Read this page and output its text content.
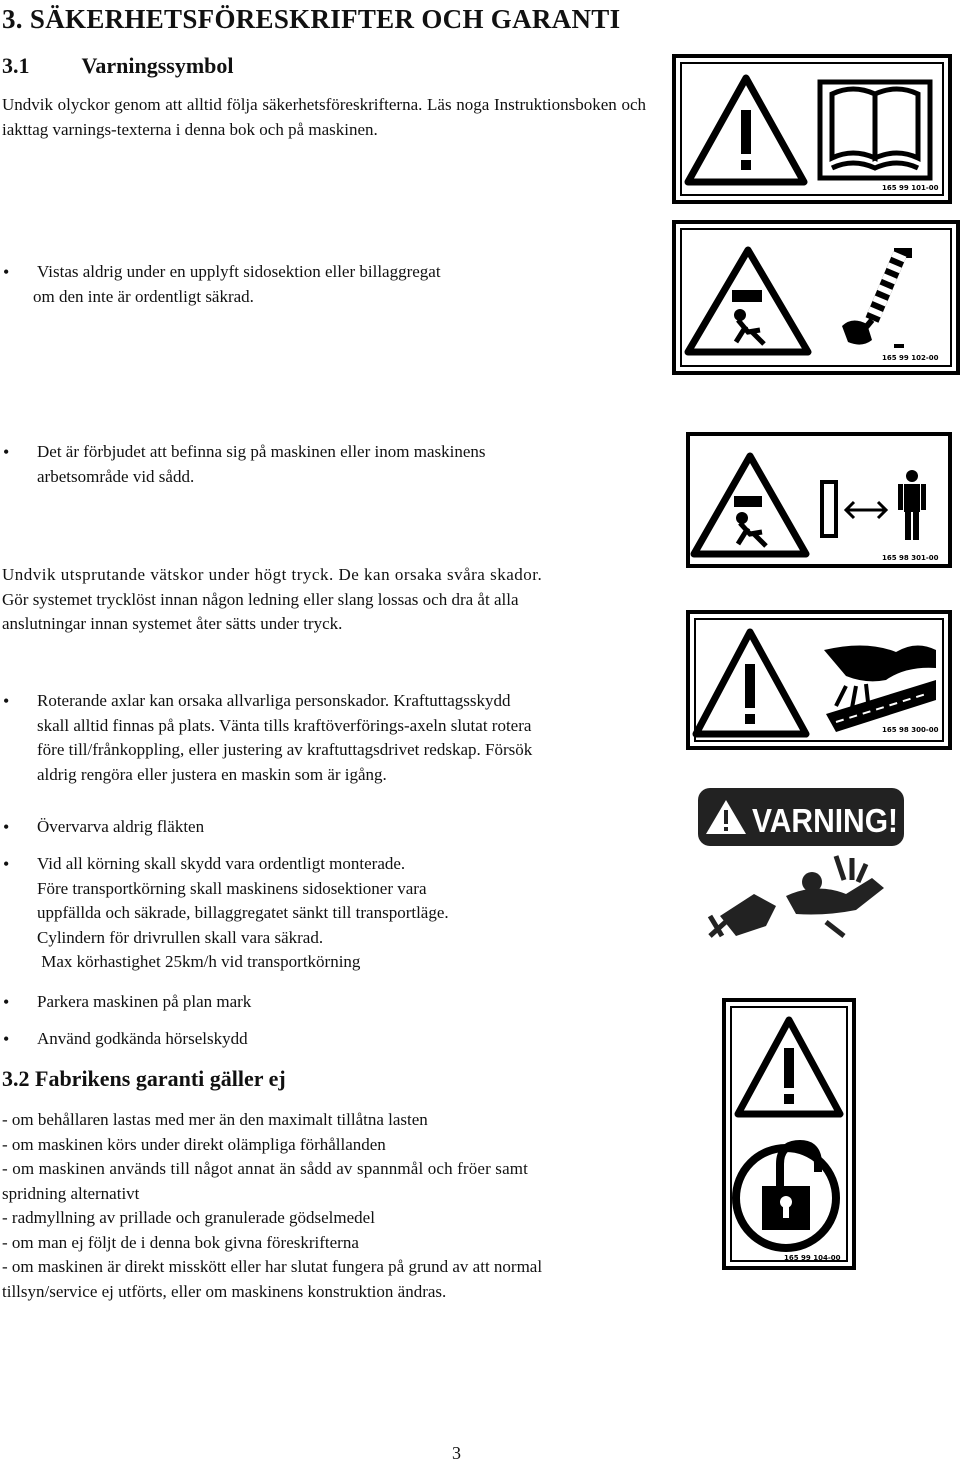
3. SÄKERHETSFÖRESKRIFTER OCH GARANTI
3.1 Varningssymbol
Undvik olyckor genom att alltid följa säkerhetsföreskrifterna. Läs noga Instruktionsboken och iakttag varnings-texterna i denna bok och på maskinen.
• Vistas aldrig under en upplyft sidosektion eller billaggregat
om den inte är ordentligt säkrad.
• Det är förbjudet att befinna sig på maskinen eller inom maskinens
arbetsområde vid sådd.
Undvik utsprutande vätskor under högt tryck. De kan orsaka svåra skador.
Gör systemet trycklöst innan någon ledning eller slang lossas och dra åt alla
anslutningar innan systemet åter sätts under tryck.
• Roterande axlar kan orsaka allvarliga personskador. Kraftuttagsskydd
skall alltid finnas på plats. Vänta tills kraftöverförings-axeln slutat rotera
före till/frånkoppling, eller justering av kraftuttagsdrivet redskap. Försök
aldrig rengöra eller justera en maskin som är igång.
• Övervarva aldrig fläkten
• Vid all körning skall skydd vara ordentligt monterade.
Före transportkörning skall maskinens sidosektioner vara
uppfällda och säkrade, billaggregatet sänkt till transportläge.
Cylindern för drivrullen skall vara säkrad.
Max körhastighet 25km/h vid transportkörning
• Parkera maskinen på plan mark
• Använd godkända hörselskydd
3.2 Fabrikens garanti gäller ej
- om behållaren lastas med mer än den maximalt tillåtna lasten
- om maskinen körs under direkt olämpliga förhållanden
- om maskinen används till något annat än sådd av spannmål och fröer samt
spridning alternativt
- radmyllning av prillade och granulerade gödselmedel
- om man ej följt de i denna bok givna föreskrifterna
- om maskinen är direkt misskött eller har slutat fungera på grund av att normal
tillsyn/service ej utförts, eller om maskinens konstruktion ändras.
3
165 99 101-00
165 99 102-00
165 98 301-00
165 98 300-00
VARNING!
165 99 104-00
